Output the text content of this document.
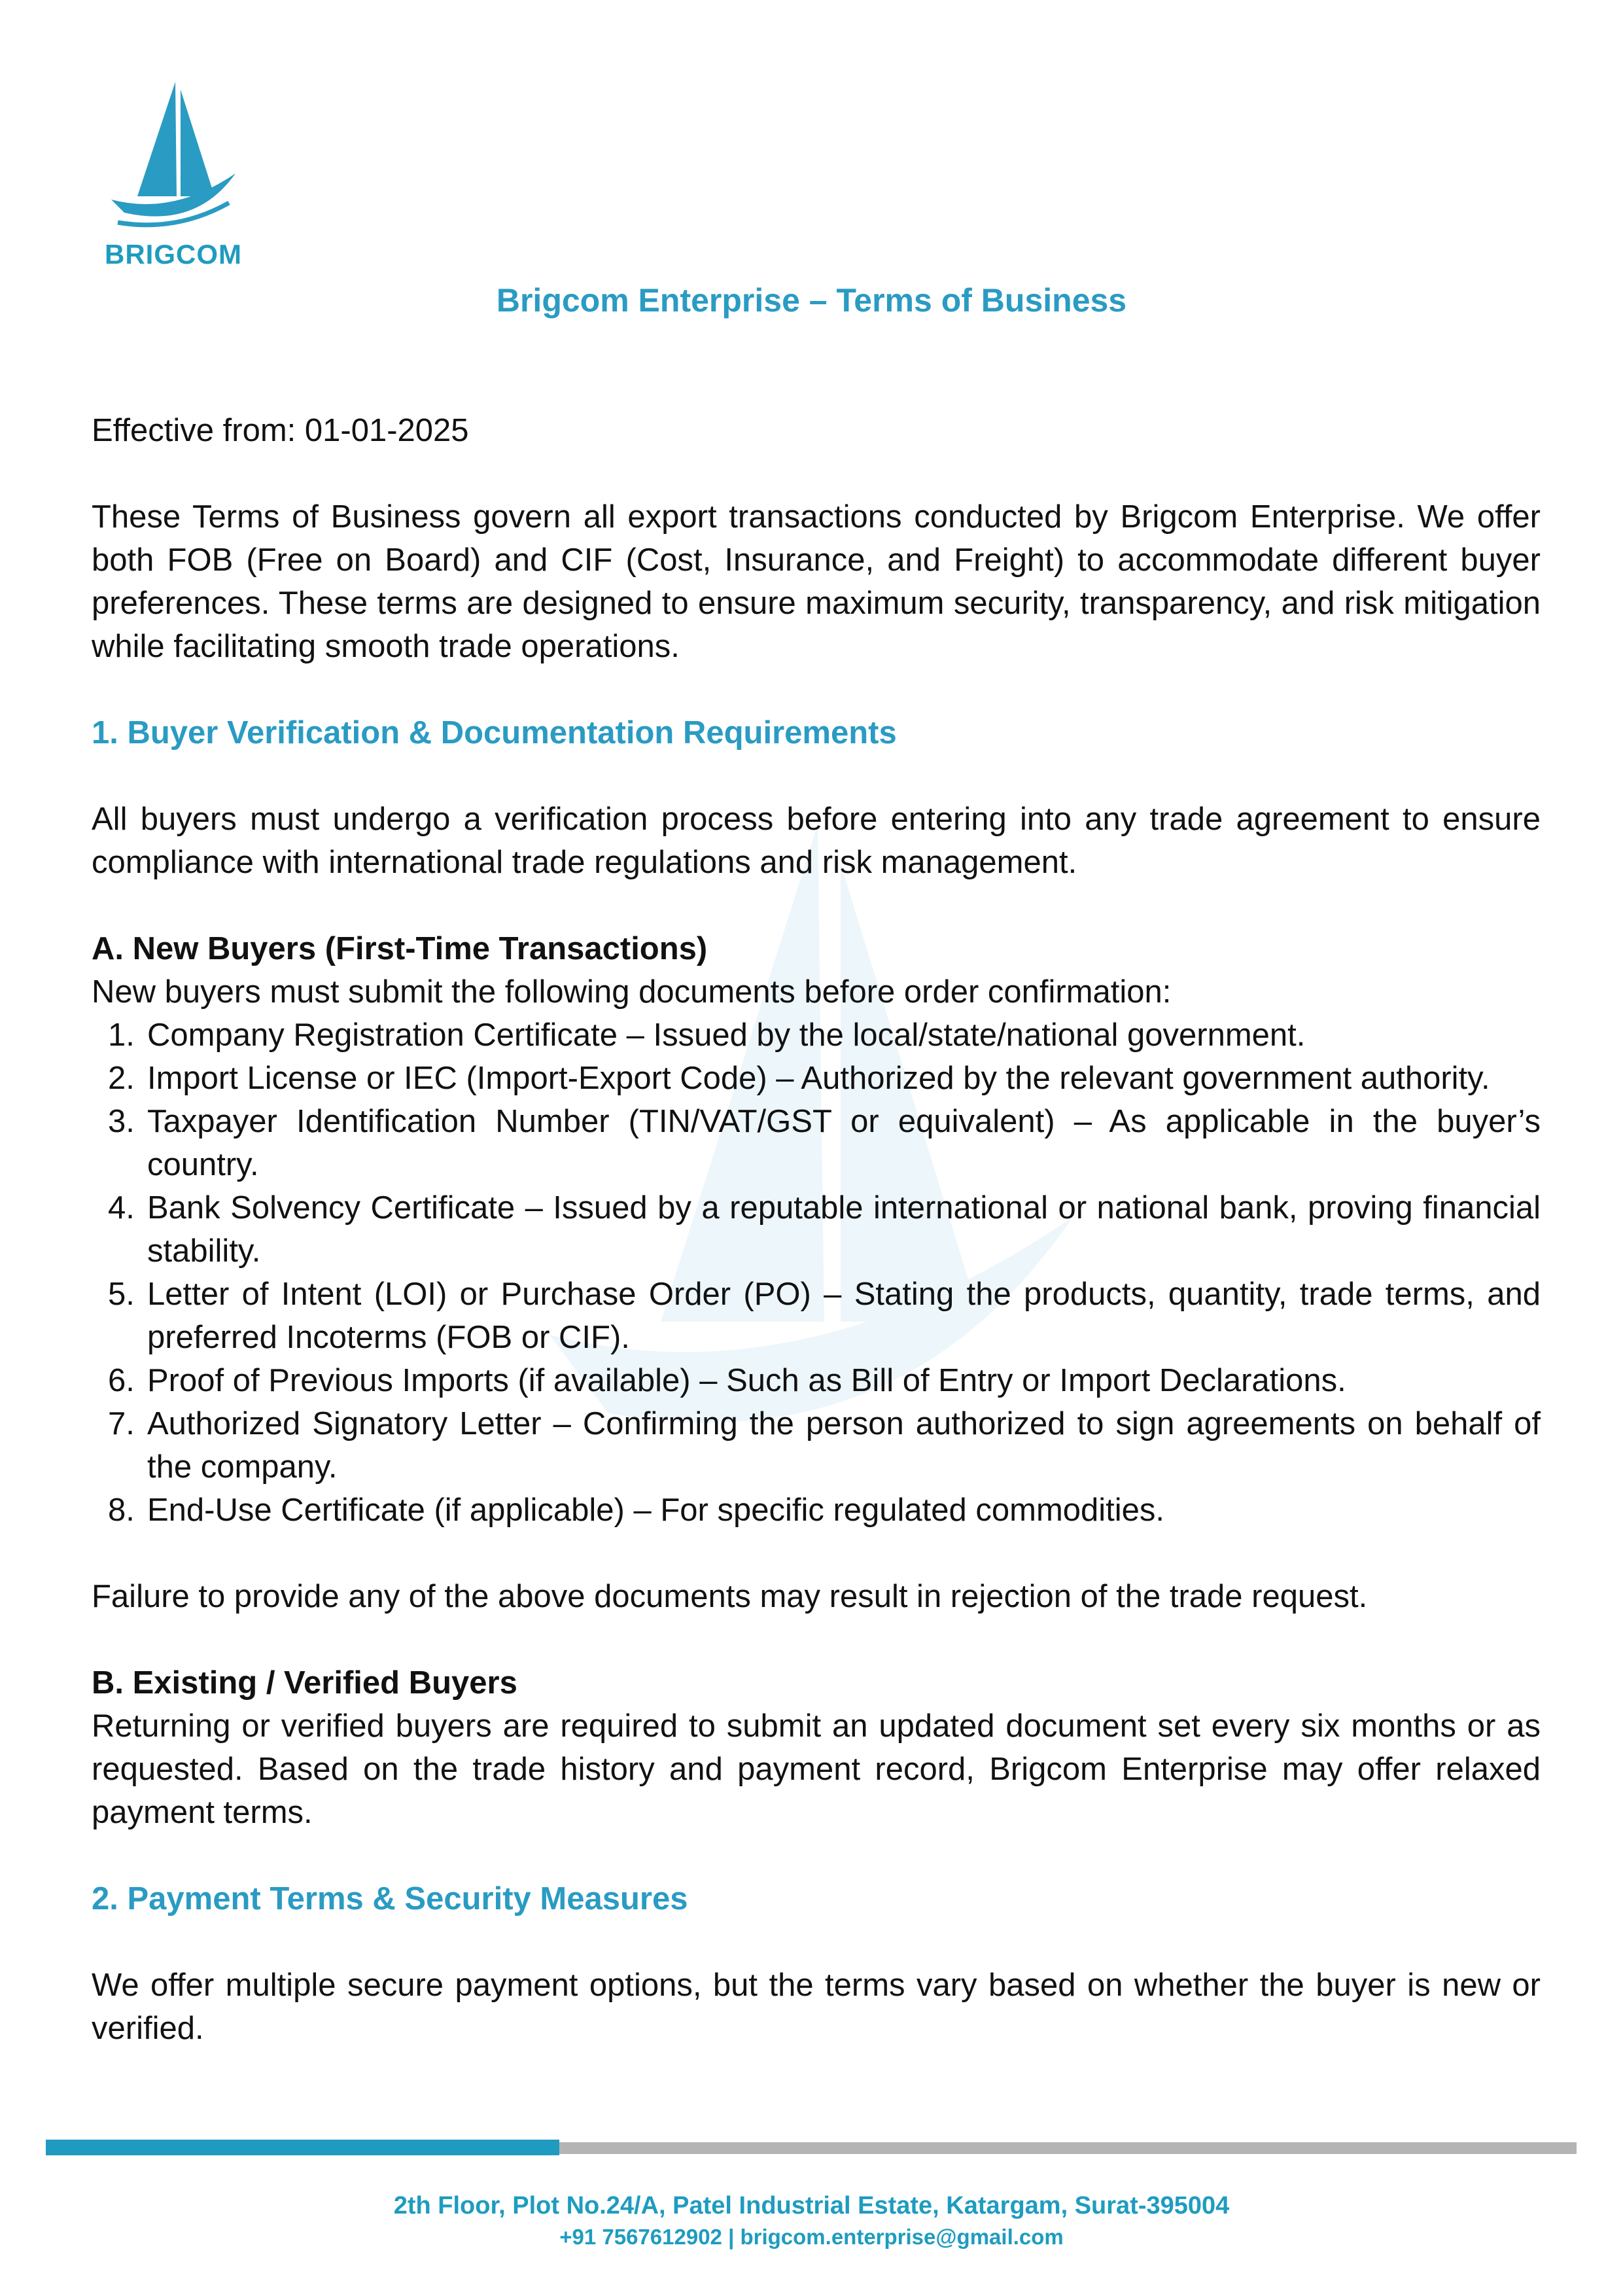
BRIGCOM
Brigcom Enterprise – Terms of Business

Effective from: 01-01-2025

These Terms of Business govern all export transactions conducted by Brigcom Enterprise. We offer both FOB (Free on Board) and CIF (Cost, Insurance, and Freight) to accommodate different buyer preferences. These terms are designed to ensure maximum security, transparency, and risk mitigation while facilitating smooth trade operations.

1. Buyer Verification & Documentation Requirements

All buyers must undergo a verification process before entering into any trade agreement to ensure compliance with international trade regulations and risk management.

A. New Buyers (First-Time Transactions)

New buyers must submit the following documents before order confirmation:

1. Company Registration Certificate – Issued by the local/state/national government.
2. Import License or IEC (Import-Export Code) – Authorized by the relevant government authority.
3. Taxpayer Identification Number (TIN/VAT/GST or equivalent) – As applicable in the buyer’s country.
4. Bank Solvency Certificate – Issued by a reputable international or national bank, proving financial stability.
5. Letter of Intent (LOI) or Purchase Order (PO) – Stating the products, quantity, trade terms, and preferred Incoterms (FOB or CIF).
6. Proof of Previous Imports (if available) – Such as Bill of Entry or Import Declarations.
7. Authorized Signatory Letter – Confirming the person authorized to sign agreements on behalf of the company.
8. End-Use Certificate (if applicable) – For specific regulated commodities.

Failure to provide any of the above documents may result in rejection of the trade request.

B. Existing / Verified Buyers

Returning or verified buyers are required to submit an updated document set every six months or as requested. Based on the trade history and payment record, Brigcom Enterprise may offer relaxed payment terms.

2. Payment Terms & Security Measures

We offer multiple secure payment options, but the terms vary based on whether the buyer is new or verified.

2th Floor, Plot No.24/A, Patel Industrial Estate, Katargam, Surat-395004
+91 7567612902 | brigcom.enterprise@gmail.com
